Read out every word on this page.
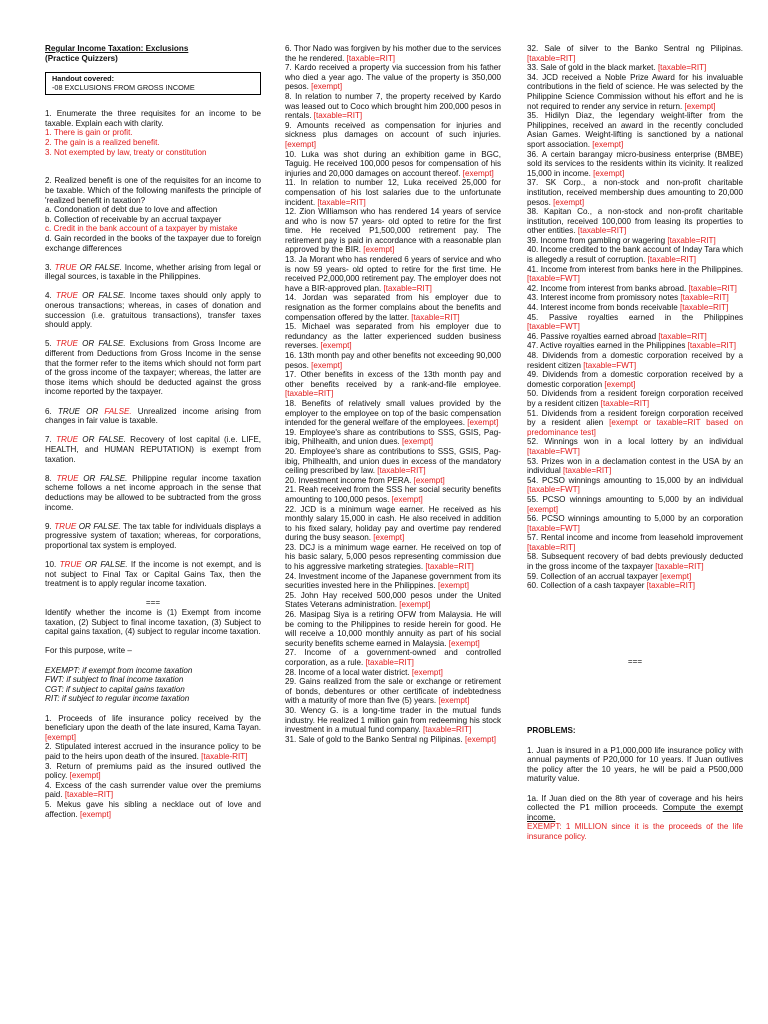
Regular Income Taxation: Exclusions

(Practice Quizzers)

Handout covered:
-08 EXCLUSIONS FROM GROSS INCOME

1. Enumerate the three requisites for an income to be taxable. Explain each with clarity.

1. There is gain or profit.

2. The gain is a realized benefit.

3. Not exempted by law, treaty or constitution

2. Realized benefit is one of the requisites for an income to be taxable. Which of the following manifests the principle of 'realized benefit in taxation?

a. Condonation of debt due to love and affection

b. Collection of receivable by an accrual taxpayer

c. Credit in the bank account of a taxpayer by mistake

d. Gain recorded in the books of the taxpayer due to foreign exchange differences

3. TRUE OR FALSE. Income, whether arising from legal or illegal sources, is taxable in the Philippines.

4. TRUE OR FALSE. Income taxes should only apply to onerous transactions; whereas, in cases of donation and succession (i.e. gratuitous transactions), transfer taxes should apply.

5. TRUE OR FALSE. Exclusions from Gross Income are different from Deductions from Gross Income in the sense that the former refer to the items which should not form part of the gross income of the taxpayer; whereas, the latter are those items which should be deducted against the gross income reported by the taxpayer.

6. TRUE OR FALSE. Unrealized income arising from changes in fair value is taxable.

7. TRUE OR FALSE. Recovery of lost capital (i.e. LIFE, HEALTH, and HUMAN REPUTATION) is exempt from taxation.

8. TRUE OR FALSE. Philippine regular income taxation scheme follows a net income approach in the sense that deductions may be allowed to be subtracted from the gross income.

9. TRUE OR FALSE. The tax table for individuals displays a progressive system of taxation; whereas, for corporations, proportional tax system is employed.

10. TRUE OR FALSE. If the income is not exempt, and is not subject to Final Tax or Capital Gains Tax, then the treatment is to apply regular income taxation.

===

Identify whether the income is (1) Exempt from income taxation, (2) Subject to final income taxation, (3) Subject to capital gains taxation, (4) subject to regular income taxation.

For this purpose, write –

EXEMPT: if exempt from income taxation

FWT: if subject to final income taxation

CGT: if subject to capital gains taxation

RIT: if subject to regular income taxation

1. Proceeds of life insurance policy received by the beneficiary upon the death of the late insured, Kama Tayan. [exempt]

2. Stipulated interest accrued in the insurance policy to be paid to the heirs upon death of the insured. [taxable-RIT]

3. Return of premiums paid as the insured outlived the policy. [exempt]

4. Excess of the cash surrender value over the premiums paid. [taxable=RIT]

5. Mekus gave his sibling a necklace out of love and affection. [exempt]

6. Thor Nado was forgiven by his mother due to the services the he rendered. [taxable=RIT]

7. Kardo received a property via succession from his father who died a year ago. The value of the property is 350,000 pesos. [exempt]

8. In relation to number 7, the property received by Kardo was leased out to Coco which brought him 200,000 pesos in rentals. [taxable=RIT]

9. Amounts received as compensation for injuries and sickness plus damages on account of such injuries. [exempt]

10. Luka was shot during an exhibition game in BGC, Taguig. He received 100,000 pesos for compensation of his injuries and 20,000 damages on account thereof. [exempt]

11. In relation to number 12, Luka received 25,000 for compensation of his lost salaries due to the unfortunate incident. [taxable=RIT]

12. Zion Williamson who has rendered 14 years of service and who is now 57 years- old opted to retire for the first time. He received P1,500,000 retirement pay. The retirement pay is paid in accordance with a reasonable plan approved by the BIR. [exempt]

13. Ja Morant who has rendered 6 years of service and who is now 59 years- old opted to retire for the first time. He received P2,000,000 retirement pay. The employer does not have a BIR-approved plan. [taxable=RIT]

14. Jordan was separated from his employer due to resignation as the former complains about the benefits and compensation offered by the latter. [taxable=RIT]

15. Michael was separated from his employer due to redundancy as the latter experienced sudden business reverses. [exempt]

16. 13th month pay and other benefits not exceeding 90,000 pesos. [exempt]

17. Other benefits in excess of the 13th month pay and other benefits received by a rank-and-file employee. [taxable=RIT]

18. Benefits of relatively small values provided by the employer to the employee on top of the basic compensation intended for the general welfare of the employees. [exempt]

19. Employee's share as contributions to SSS, GSIS, Pag-ibig, Philhealth, and union dues. [exempt]

20. Employee's share as contributions to SSS, GSIS, Pag-ibig, Philhealth, and union dues in excess of the mandatory ceiling prescribed by law. [taxable=RIT]

20. Investment income from PERA. [exempt]

21. Reah received from the SSS her social security benefits amounting to 100,000 pesos. [exempt]

22. JCD is a minimum wage earner. He received as his monthly salary 15,000 in cash. He also received in addition to his fixed salary, holiday pay and overtime pay rendered during the busy season. [exempt]

23. DCJ is a minimum wage earner. He received on top of his basic salary, 5,000 pesos representing commission due to his aggressive marketing strategies. [taxable=RIT]

24. Investment income of the Japanese government from its securities invested here in the Philippines. [exempt]

25. John Hay received 500,000 pesos under the United States Veterans administration. [exempt]

26. Masipag Siya is a retiring OFW from Malaysia. He will be coming to the Philippines to reside herein for good. He will receive a 10,000 monthly annuity as part of his social security benefits scheme earned in Malaysia. [exempt]

27. Income of a government-owned and controlled corporation, as a rule. [taxable=RIT]

28. Income of a local water district. [exempt]

29. Gains realized from the sale or exchange or retirement of bonds, debentures or other certificate of indebtedness with a maturity of more than five (5) years. [exempt]

30. Wency G. is a long-time trader in the mutual funds industry. He realized 1 million gain from redeeming his stock investment in a mutual fund company. [taxable=RIT]

31. Sale of gold to the Banko Sentral ng Pilipinas. [exempt]

32. Sale of silver to the Banko Sentral ng Pilipinas. [taxable=RIT]

33. Sale of gold in the black market. [taxable=RIT]

34. JCD received a Noble Prize Award for his invaluable contributions in the field of science. He was selected by the Philippine Science Commission without his effort and he is not required to render any service in return. [exempt]

35. Hidilyn Diaz, the legendary weight-lifter from the Philippines, received an award in the recently concluded Asian Games. Weight-lifting is sanctioned by a national sport association. [exempt]

36. A certain barangay micro-business enterprise (BMBE) sold its services to the residents within its vicinity. It realized 15,000 in income. [exempt]

37. SK Corp., a non-stock and non-profit charitable institution, received membership dues amounting to 20,000 pesos. [exempt]

38. Kapitan Co., a non-stock and non-profit charitable institution, received 100,000 from leasing its properties to other entities. [taxable=RIT]

39. Income from gambling or wagering [taxable=RIT]

40. Income credited to the bank account of Inday Tara which is allegedly a result of corruption. [taxable=RIT]

41. Income from interest from banks here in the Philippines. [taxable=FWT]

42. Income from interest from banks abroad. [taxable=RIT]

43. Interest income from promissory notes [taxable=RIT]

44. Interest income from bonds receivable [taxable=RIT]

45. Passive royalties earned in the Philippines [taxable=FWT]

46. Passive royalties earned abroad [taxable=RIT]

47. Active royalties earned in the Philippines [taxable=RIT]

48. Dividends from a domestic corporation received by a resident citizen [taxable=FWT]

49. Dividends from a domestic corporation received by a domestic corporation [exempt]

50. Dividends from a resident foreign corporation received by a resident citizen [taxable=RIT]

51. Dividends from a resident foreign corporation received by a resident alien [exempt or taxable=RIT based on predominance test]

52. Winnings won in a local lottery by an individual [taxable=FWT]

53. Prizes won in a declamation contest in the USA by an individual [taxable=RIT]

54. PCSO winnings amounting to 15,000 by an individual [taxable=FWT]

55. PCSO winnings amounting to 5,000 by an individual [exempt]

56. PCSO winnings amounting to 5,000 by an corporation [taxable=FWT]

57. Rental income and income from leasehold improvement [taxable=RIT]

58. Subsequent recovery of bad debts previously deducted in the gross income of the taxpayer [taxable=RIT]

59. Collection of an accrual taxpayer [exempt]

60. Collection of a cash taxpayer [taxable=RIT]

===

PROBLEMS:

1. Juan is insured in a P1,000,000 life insurance policy with annual payments of P20,000 for 10 years. If Juan outlives the policy after the 10 years, he will be paid a P500,000 maturity value.

1a. If Juan died on the 8th year of coverage and his heirs collected the P1 million proceeds. Compute the exempt income.

EXEMPT: 1 MILLION since it is the proceeds of the life insurance policy.
